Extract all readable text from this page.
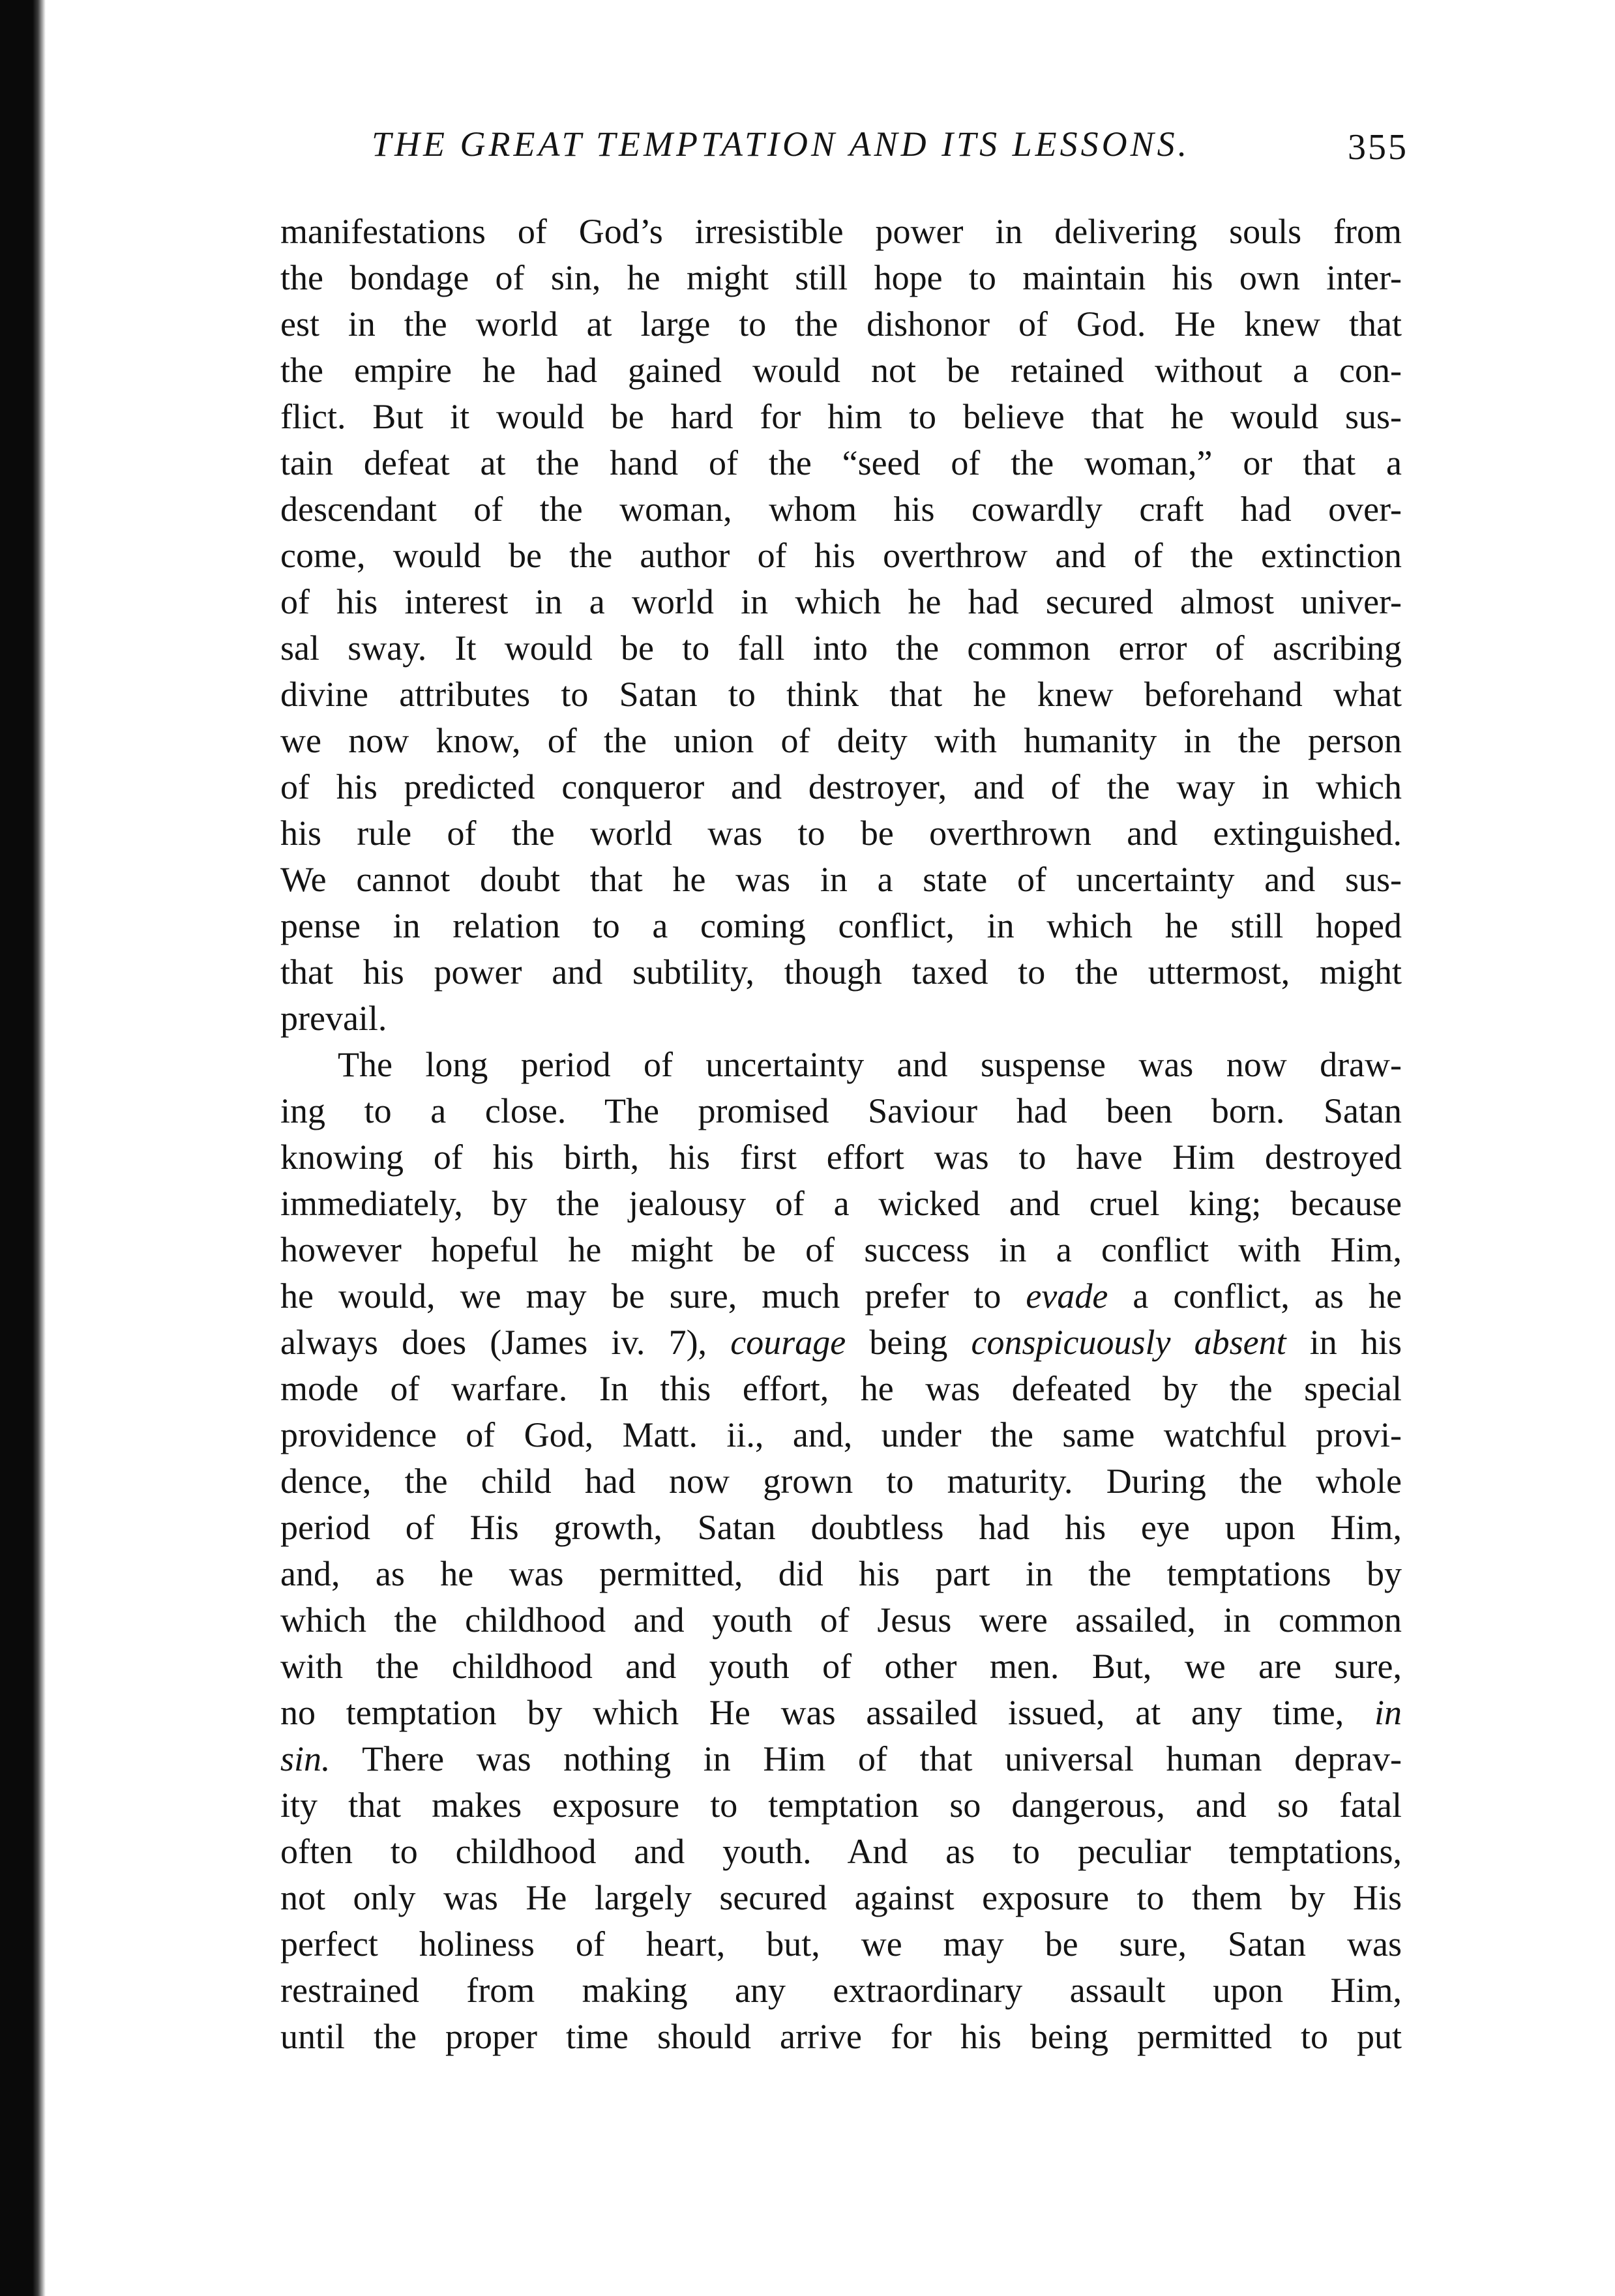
THE GREAT TEMPTATION AND ITS LESSONS.	355
manifestations of God’s irresistible power in delivering souls from
the bondage of sin, he might still hope to maintain his own inter-
est in the world at large to the dishonor of God. He knew that
the empire he had gained would not be retained without a con-
flict. But it would be hard for him to believe that he would sus-
tain defeat at the hand of the “seed of the woman,” or that a
descendant of the woman, whom his cowardly craft had over-
come, would be the author of his overthrow and of the extinction
of his interest in a world in which he had secured almost univer-
sal sway. It would be to fall into the common error of ascribing
divine attributes to Satan to think that he knew beforehand what
we now know, of the union of deity with humanity in the person
of his predicted conqueror and destroyer, and of the way in which
his rule of the world was to be overthrown and extinguished.
We cannot doubt that he was in a state of uncertainty and sus-
pense in relation to a coming conflict, in which he still hoped
that his power and subtility, though taxed to the uttermost, might
prevail.
The long period of uncertainty and suspense was now draw-
ing to a close. The promised Saviour had been born. Satan
knowing of his birth, his first effort was to have Him destroyed
immediately, by the jealousy of a wicked and cruel king; because
however hopeful he might be of success in a conflict with Him,
he would, we may be sure, much prefer to evade a conflict, as he
always does (James iv. 7), courage being conspicuously absent in his
mode of warfare. In this effort, he was defeated by the special
providence of God, Matt. ii., and, under the same watchful provi-
dence, the child had now grown to maturity. During the whole
period of His growth, Satan doubtless had his eye upon Him,
and, as he was permitted, did his part in the temptations by
which the childhood and youth of Jesus were assailed, in common
with the childhood and youth of other men. But, we are sure,
no temptation by which He was assailed issued, at any time, in
sin. There was nothing in Him of that universal human deprav-
ity that makes exposure to temptation so dangerous, and so fatal
often to childhood and youth. And as to peculiar temptations,
not only was He largely secured against exposure to them by His
perfect holiness of heart, but, we may be sure, Satan was
restrained from making any extraordinary assault upon Him,
until the proper time should arrive for his being permitted to put
